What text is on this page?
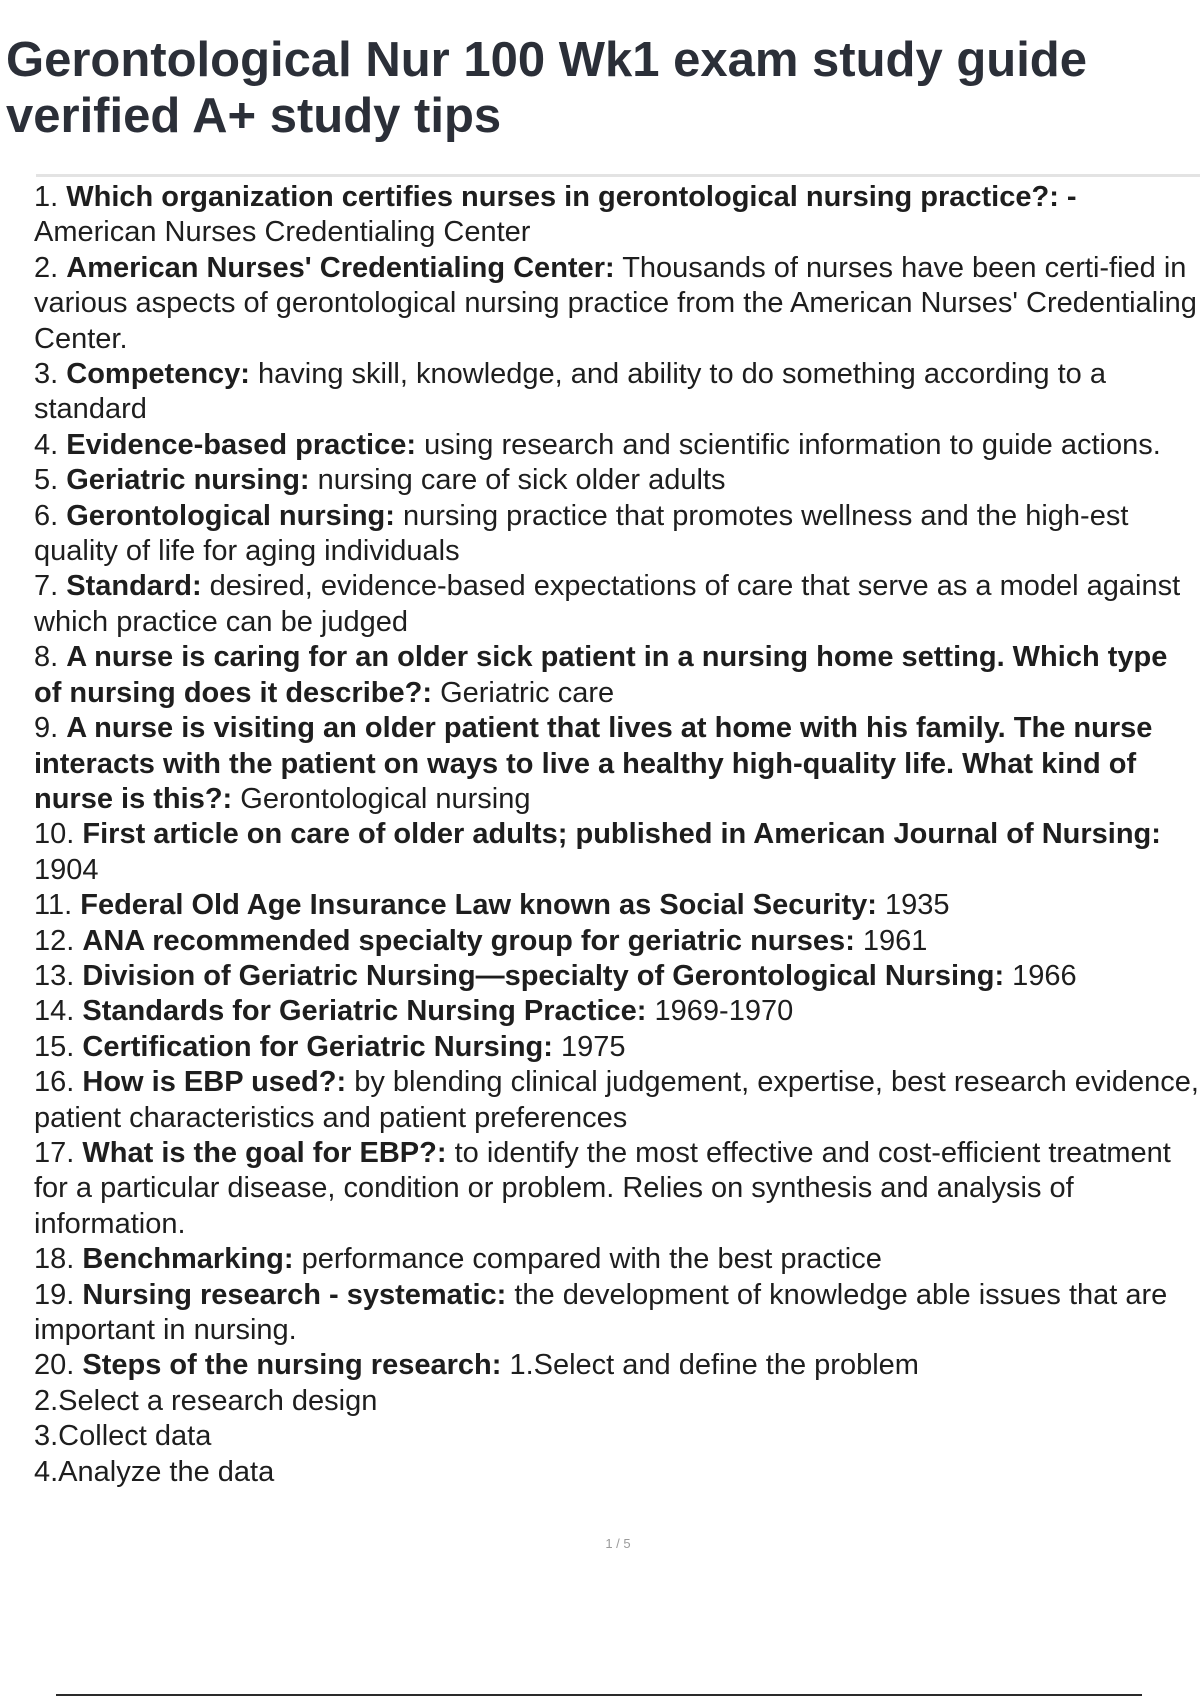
Gerontological Nur 100 Wk1 exam study guide
verified A+ study tips
1. Which organization certifies nurses in gerontological nursing practice?: - American Nurses Credentialing Center
2. American Nurses' Credentialing Center: Thousands of nurses have been certi-fied in various aspects of gerontological nursing practice from the American Nurses' Credentialing Center.
3. Competency: having skill, knowledge, and ability to do something according to a standard
4. Evidence-based practice: using research and scientific information to guide actions.
5. Geriatric nursing: nursing care of sick older adults
6. Gerontological nursing: nursing practice that promotes wellness and the high-est quality of life for aging individuals
7. Standard: desired, evidence-based expectations of care that serve as a model against which practice can be judged
8. A nurse is caring for an older sick patient in a nursing home setting. Which type of nursing does it describe?: Geriatric care
9. A nurse is visiting an older patient that lives at home with his family. The nurse interacts with the patient on ways to live a healthy high-quality life. What kind of nurse is this?: Gerontological nursing
10. First article on care of older adults; published in American Journal of Nursing: 1904
11. Federal Old Age Insurance Law known as Social Security: 1935
12. ANA recommended specialty group for geriatric nurses: 1961
13. Division of Geriatric Nursing—specialty of Gerontological Nursing: 1966
14. Standards for Geriatric Nursing Practice: 1969-1970
15. Certification for Geriatric Nursing: 1975
16. How is EBP used?: by blending clinical judgement, expertise, best research evidence, patient characteristics and patient preferences
17. What is the goal for EBP?: to identify the most effective and cost-efficient treatment for a particular disease, condition or problem. Relies on synthesis and analysis of information.
18. Benchmarking: performance compared with the best practice
19. Nursing research - systematic: the development of knowledge able issues that are important in nursing.
20. Steps of the nursing research: 1.Select and define the problem
2.Select a research design
3.Collect data
4.Analyze the data
1 / 5
